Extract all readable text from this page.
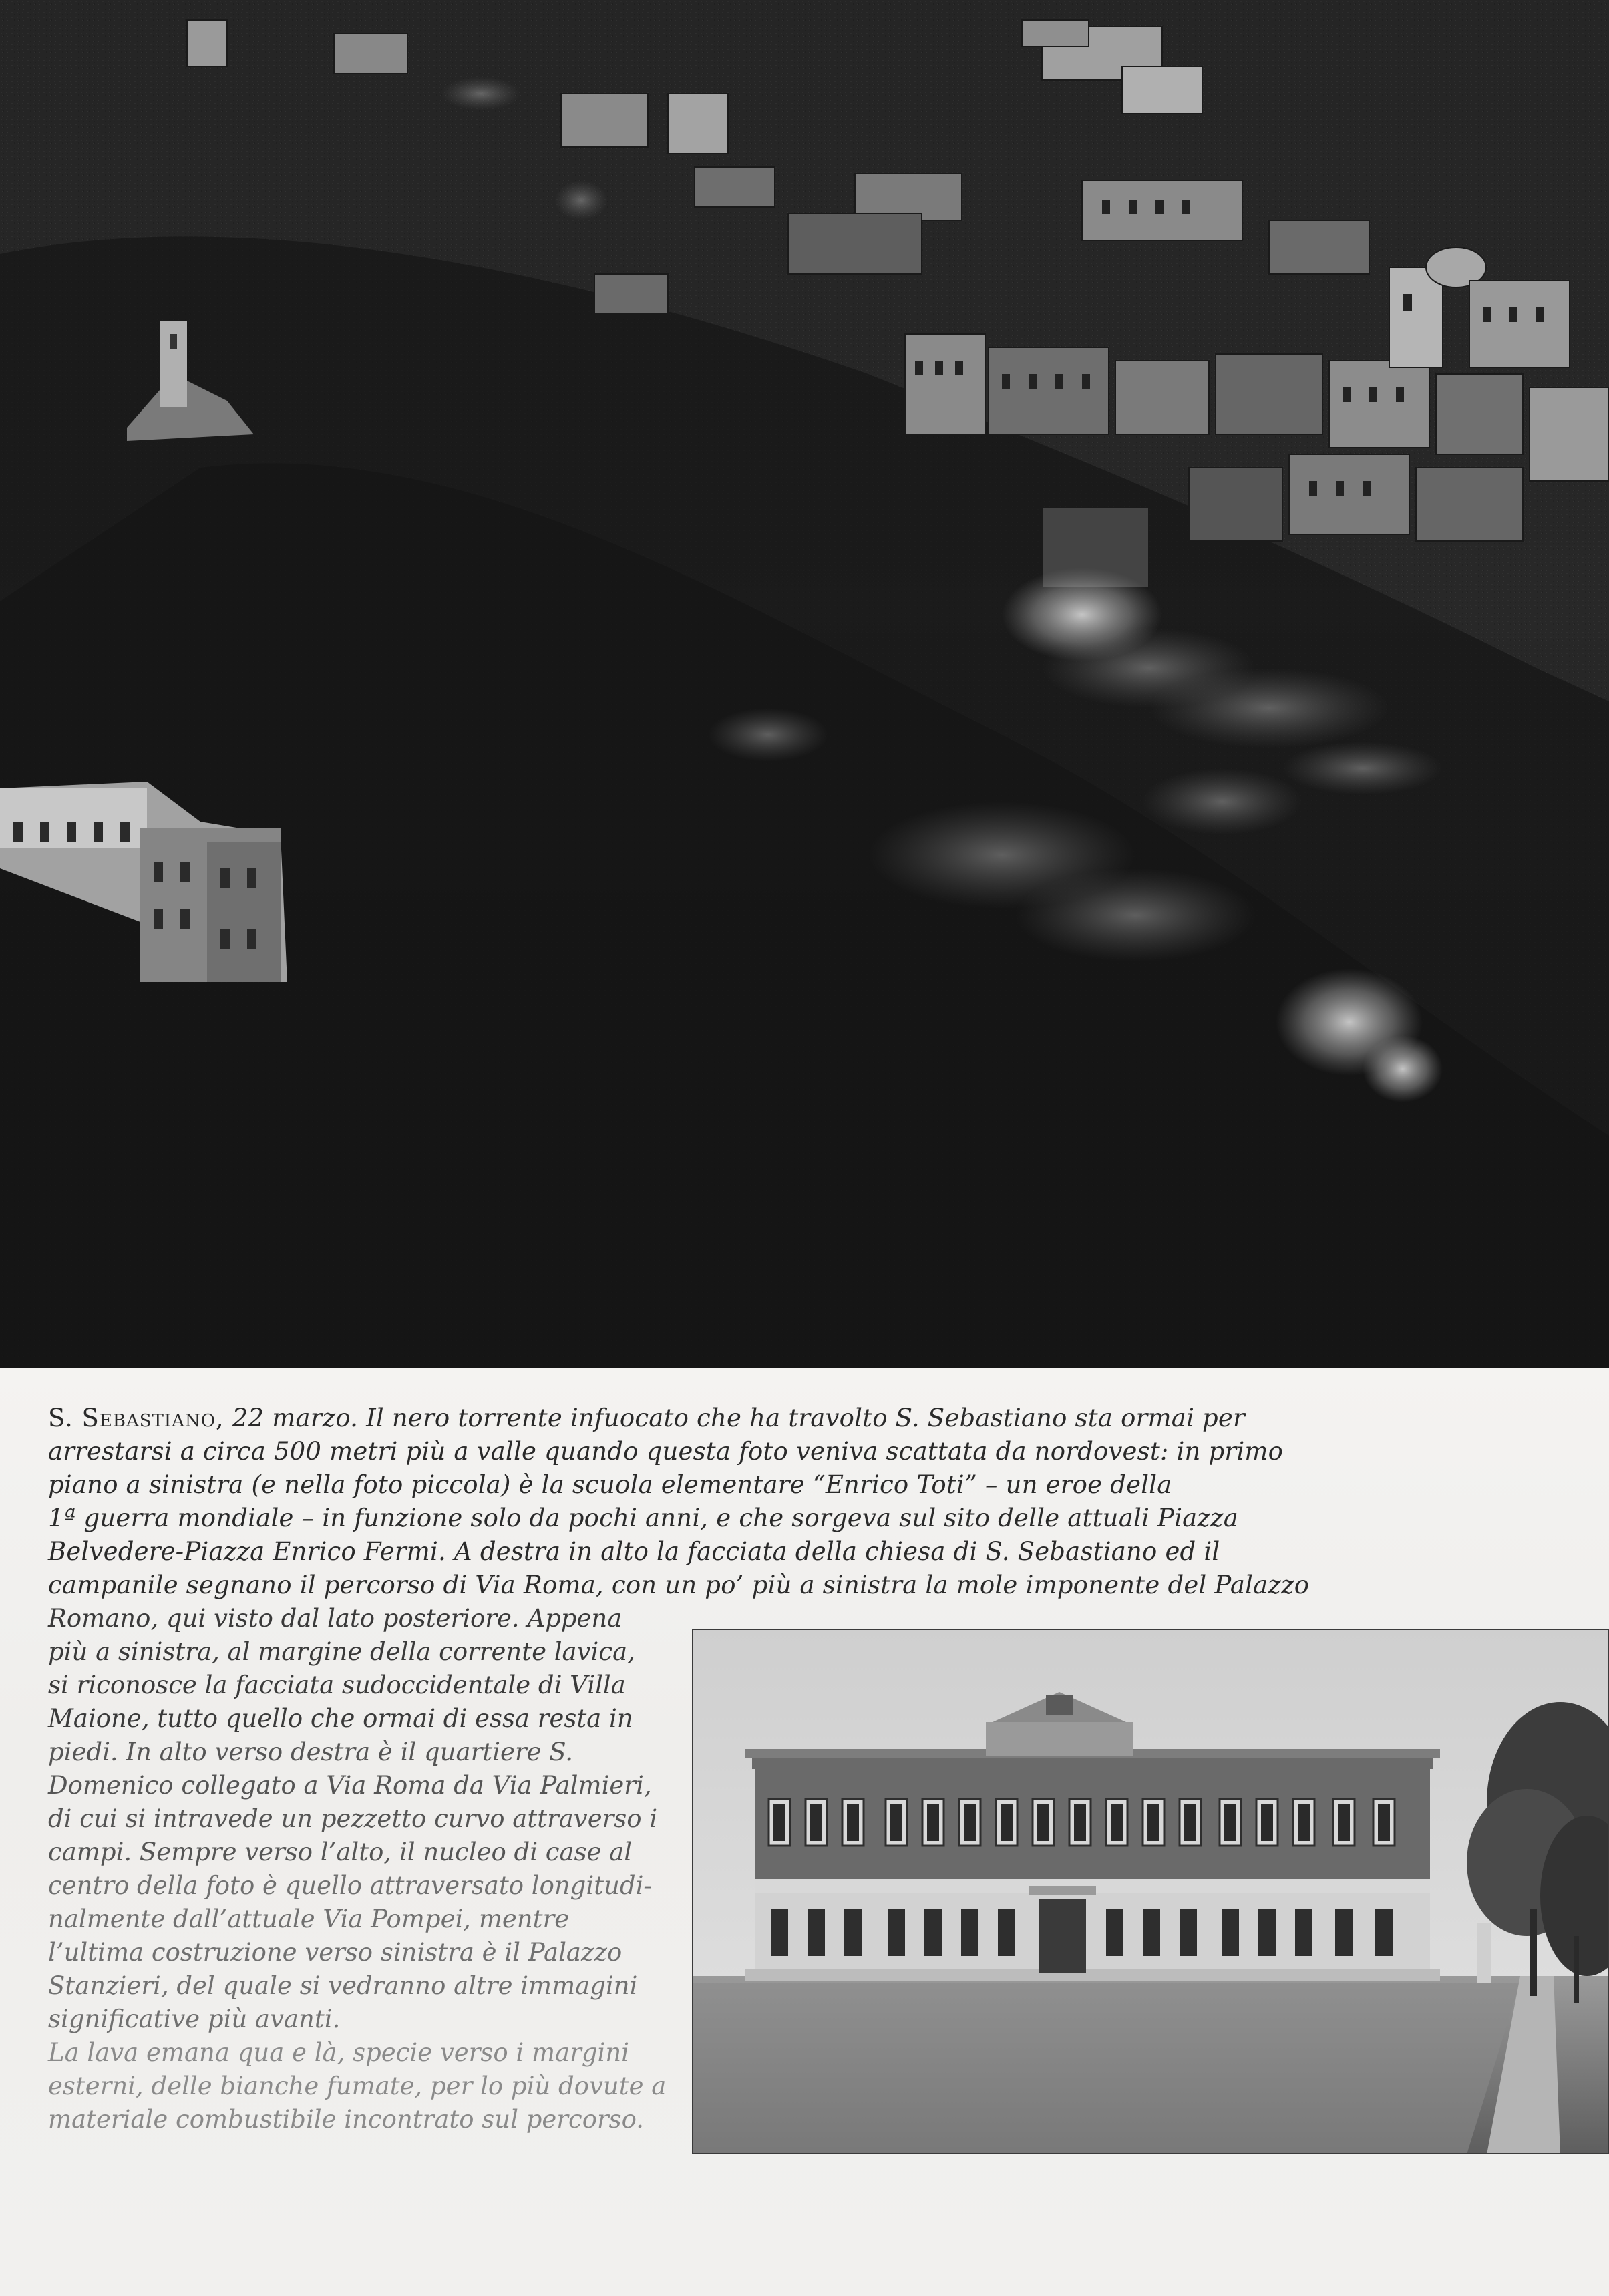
S. Sebastiano, 22 marzo. Il nero torrente infuocato che ha travolto S. Sebastiano sta ormai per
arrestarsi a circa 500 metri più a valle quando questa foto veniva scattata da nordovest: in primo
piano a sinistra (e nella foto piccola) è la scuola elementare “Enrico Toti” – un eroe della
1ª guerra mondiale – in funzione solo da pochi anni, e che sorgeva sul sito delle attuali Piazza
Belvedere-Piazza Enrico Fermi. A destra in alto la facciata della chiesa di S. Sebastiano ed il
campanile segnano il percorso di Via Roma, con un po’ più a sinistra la mole imponente del Palazzo
Romano, qui visto dal lato posteriore. Appena
più a sinistra, al margine della corrente lavica,
si riconosce la facciata sudoccidentale di Villa
Maione, tutto quello che ormai di essa resta in
piedi. In alto verso destra è il quartiere S.
Domenico collegato a Via Roma da Via Palmieri,
di cui si intravede un pezzetto curvo attraverso i
campi. Sempre verso l’alto, il nucleo di case al
centro della foto è quello attraversato longitudi-
nalmente dall’attuale Via Pompei, mentre
l’ultima costruzione verso sinistra è il Palazzo
Stanzieri, del quale si vedranno altre immagini
significative più avanti.
La lava emana qua e là, specie verso i margini
esterni, delle bianche fumate, per lo più dovute a
materiale combustibile incontrato sul percorso.
